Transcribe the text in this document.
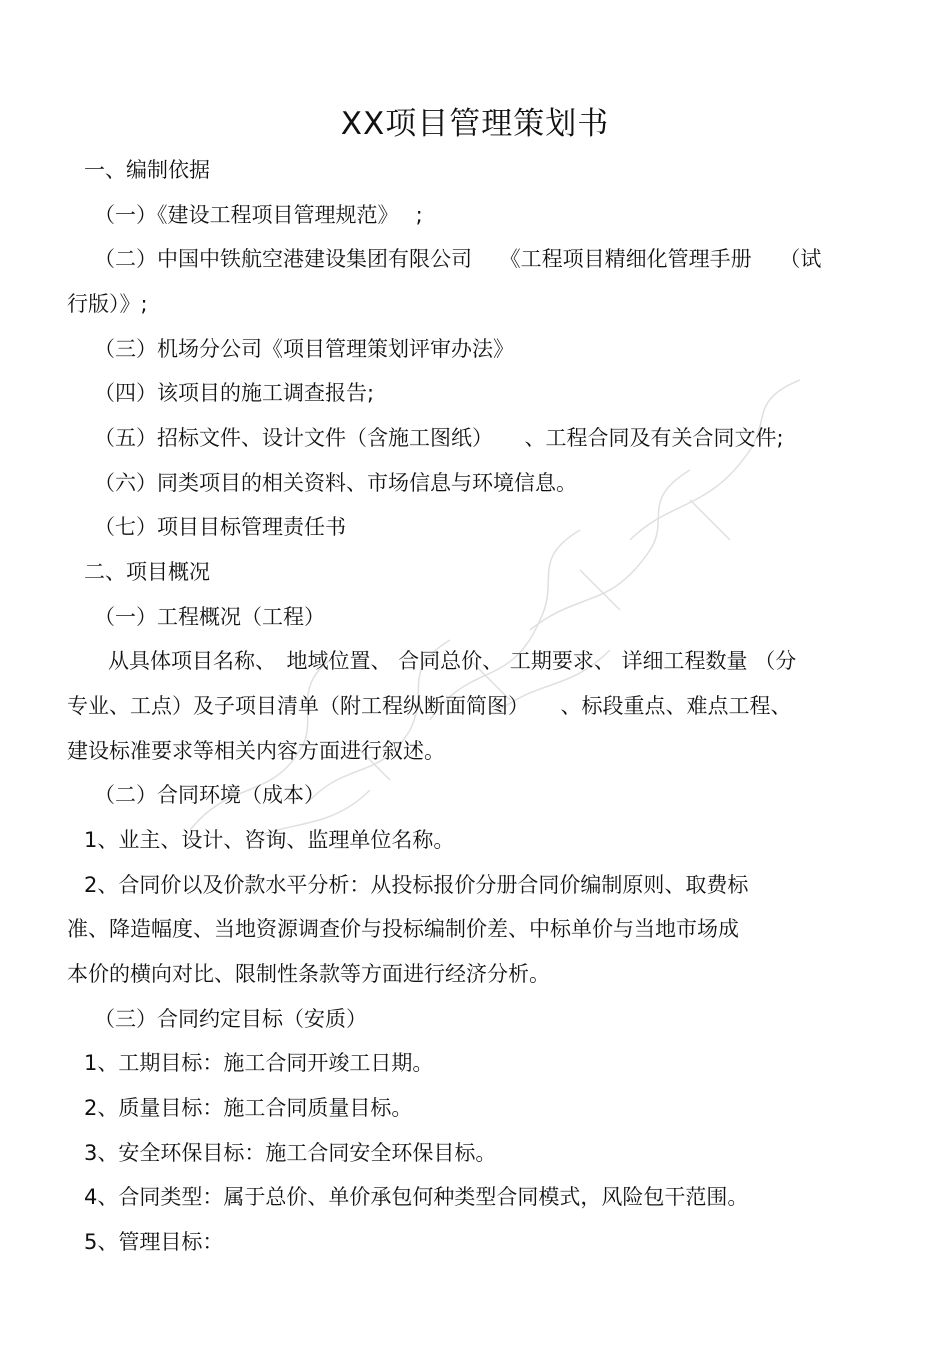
XX项目管理策划书
一、编制依据
（一）《建设工程项目管理规范》　 ;
（二）中国中铁航空港建设集团有限公司　 《工程项目精细化管理手册　 （试
行版）》;
（三）机场分公司《项目管理策划评审办法》
（四）该项目的施工调查报告;
（五）招标文件、设计文件（含施工图纸）　　、工程合同及有关合同文件;
（六）同类项目的相关资料、市场信息与环境信息。
（七）项目目标管理责任书
二、项目概况
（一）工程概况（工程）
从具体项目名称、　地域位置、 合同总价、 工期要求、 详细工程数量 （分
专业、工点）及子项目清单（附工程纵断面简图）　　、标段重点、难点工程、
建设标准要求等相关内容方面进行叙述。
（二）合同环境（成本）
1、业主、设计、咨询、监理单位名称。
2、合同价以及价款水平分析：从投标报价分册合同价编制原则、取费标
准、降造幅度、当地资源调查价与投标编制价差、中标单价与当地市场成
本价的横向对比、限制性条款等方面进行经济分析。
（三）合同约定目标（安质）
1、工期目标：施工合同开竣工日期。
2、质量目标：施工合同质量目标。
3、安全环保目标：施工合同安全环保目标。
4、合同类型：属于总价、单价承包何种类型合同模式，风险包干范围。
5、管理目标：
